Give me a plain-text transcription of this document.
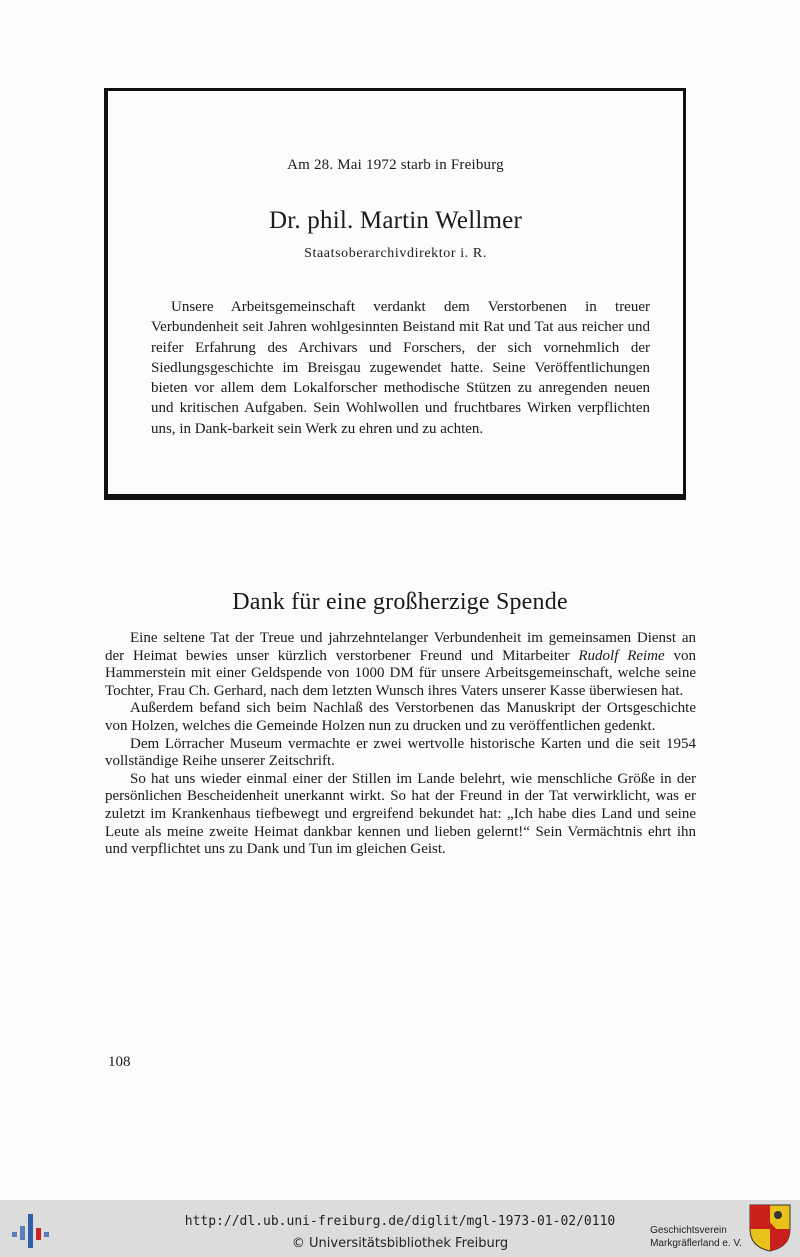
Am 28. Mai 1972 starb in Freiburg
Dr. phil. Martin Wellmer
Staatsoberarchivdirektor i. R.
Unsere Arbeitsgemeinschaft verdankt dem Verstorbenen in treuer Verbundenheit seit Jahren wohlgesinnten Beistand mit Rat und Tat aus reicher und reifer Erfahrung des Archivars und Forschers, der sich vornehmlich der Siedlungsgeschichte im Breisgau zugewendet hatte. Seine Veröffentlichungen bieten vor allem dem Lokalforscher methodische Stützen zu anregenden neuen und kritischen Aufgaben. Sein Wohlwollen und fruchtbares Wirken verpflichten uns, in Dank-barkeit sein Werk zu ehren und zu achten.
Dank für eine großherzige Spende

Eine seltene Tat der Treue und jahrzehntelanger Verbundenheit im gemeinsamen Dienst an der Heimat bewies unser kürzlich verstorbener Freund und Mitarbeiter Rudolf Reime von Hammerstein mit einer Geldspende von 1000 DM für unsere Arbeitsgemeinschaft, welche seine Tochter, Frau Ch. Gerhard, nach dem letzten Wunsch ihres Vaters unserer Kasse überwiesen hat.

Außerdem befand sich beim Nachlaß des Verstorbenen das Manuskript der Ortsgeschichte von Holzen, welches die Gemeinde Holzen nun zu drucken und zu veröffentlichen gedenkt.

Dem Lörracher Museum vermachte er zwei wertvolle historische Karten und die seit 1954 vollständige Reihe unserer Zeitschrift.

So hat uns wieder einmal einer der Stillen im Lande belehrt, wie menschliche Größe in der persönlichen Bescheidenheit unerkannt wirkt. So hat der Freund in der Tat verwirklicht, was er zuletzt im Krankenhaus tiefbewegt und ergreifend bekundet hat: „Ich habe dies Land und seine Leute als meine zweite Heimat dankbar kennen und lieben gelernt!“ Sein Vermächtnis ehrt ihn und verpflichtet uns zu Dank und Tun im gleichen Geist.

108
http://dl.ub.uni-freiburg.de/diglit/mgl-1973-01-02/0110
© Universitätsbibliothek Freiburg
Geschichtsverein
Markgräflerland e. V.
